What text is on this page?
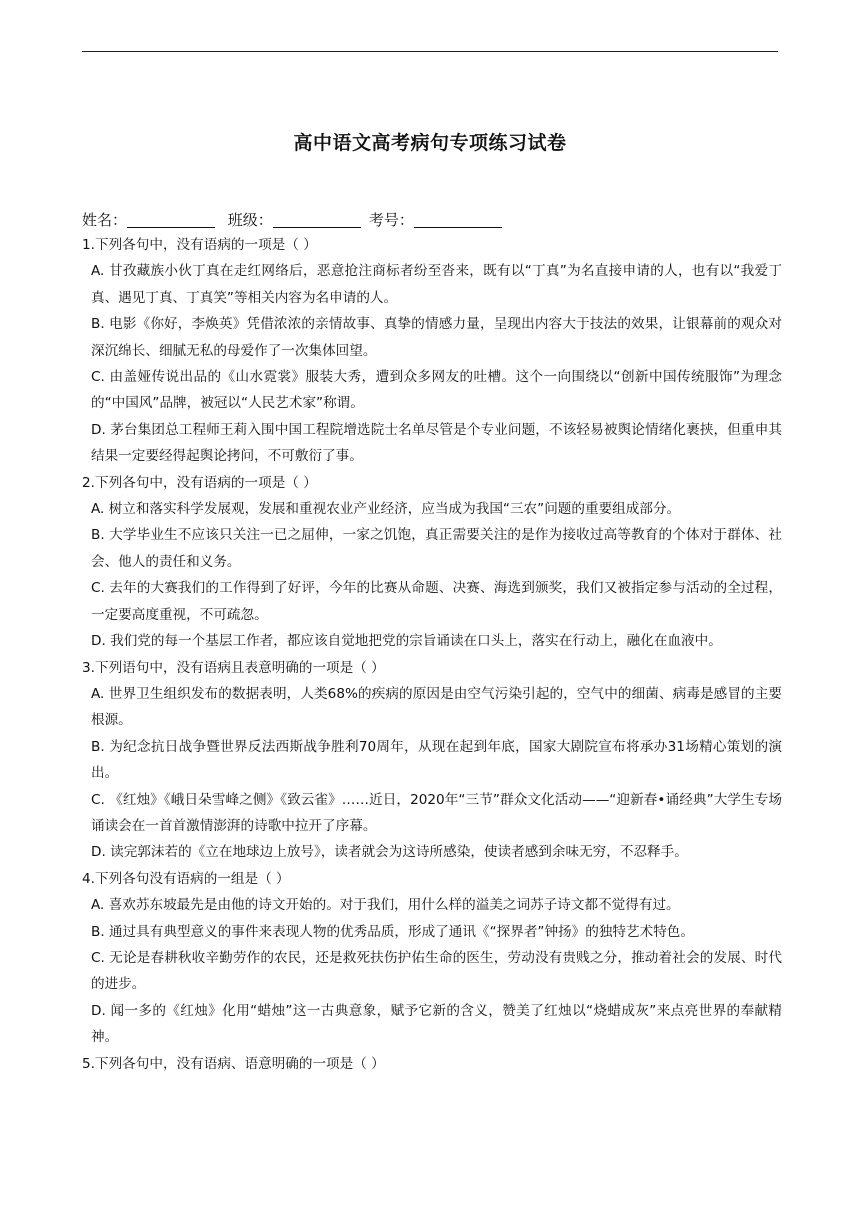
高中语文高考病句专项练习试卷
姓名：	班级：	考号：

1.下列各句中，没有语病的一项是（ ）

A. 甘孜藏族小伙丁真在走红网络后，恶意抢注商标者纷至沓来，既有以“丁真”为名直接申请的人，也有以“我爱丁真、遇见丁真、丁真笑”等相关内容为名申请的人。

B. 电影《你好，李焕英》凭借浓浓的亲情故事、真挚的情感力量，呈现出内容大于技法的效果，让银幕前的观众对深沉绵长、细腻无私的母爱作了一次集体回望。

C. 由盖娅传说出品的《山水霓裳》服装大秀，遭到众多网友的吐槽。这个一向围绕以“创新中国传统服饰”为理念的“中国风”品牌，被冠以“人民艺术家”称谓。

D. 茅台集团总工程师王莉入围中国工程院增选院士名单尽管是个专业问题，不该轻易被舆论情绪化裹挟，但重申其结果一定要经得起舆论拷问，不可敷衍了事。

2.下列各句中，没有语病的一项是（ ）

A. 树立和落实科学发展观，发展和重视农业产业经济，应当成为我国“三农”问题的重要组成部分。

B. 大学毕业生不应该只关注一已之屈伸，一家之饥饱，真正需要关注的是作为接收过高等教育的个体对于群体、社会、他人的责任和义务。

C. 去年的大赛我们的工作得到了好评，今年的比赛从命题、决赛、海选到颁奖，我们又被指定参与活动的全过程，一定要高度重视，不可疏忽。

D. 我们党的每一个基层工作者，都应该自觉地把党的宗旨诵读在口头上，落实在行动上，融化在血液中。

3.下列语句中，没有语病且表意明确的一项是（ ）

A. 世界卫生组织发布的数据表明，人类68%的疾病的原因是由空气污染引起的，空气中的细菌、病毒是感冒的主要根源。

B. 为纪念抗日战争暨世界反法西斯战争胜利70周年，从现在起到年底，国家大剧院宣布将承办31场精心策划的演出。

C. 《红烛》《峨日朵雪峰之侧》《致云雀》……近日，2020年“三节”群众文化活动——“迎新春•诵经典”大学生专场诵读会在一首首激情澎湃的诗歌中拉开了序幕。

D. 读完郭沫若的《立在地球边上放号》，读者就会为这诗所感染，使读者感到余味无穷，不忍释手。

4.下列各句没有语病的一组是（ ）

A. 喜欢苏东坡最先是由他的诗文开始的。对于我们，用什么样的溢美之词苏子诗文都不觉得有过。

B. 通过具有典型意义的事件来表现人物的优秀品质，形成了通讯《“探界者”钟扬》的独特艺术特色。

C. 无论是春耕秋收辛勤劳作的农民，还是救死扶伤护佑生命的医生，劳动没有贵贱之分，推动着社会的发展、时代的进步。

D. 闻一多的《红烛》化用“蜡烛”这一古典意象，赋予它新的含义，赞美了红烛以“烧蜡成灰”来点亮世界的奉献精神。

5.下列各句中，没有语病、语意明确的一项是（ ）
